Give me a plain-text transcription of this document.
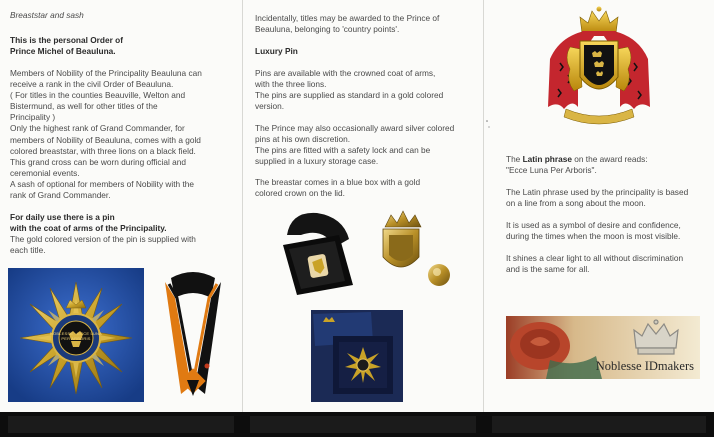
Breaststar and sash

This is the personal Order of

Prince Michel of Beauluna.

Members of Nobility of the Principality Beauluna can
receive a rank in the civil Order of Beauluna.
( For titles in the counties Beauville, Welton and
Bistermund, as well for other titles of the
Principality )
Only the highest rank of Grand Commander, for
members of Nobility of Beauluna, comes with a gold
colored breaststar, with three lions on a black field.
This grand cross can be worn during official and
ceremonial events.
A sash of optional for members of Nobility with the
rank of Grand Commander.

For daily use there is a pin

with the coat of arms of the Principality.

The gold colored version of the pin is supplied with
each title.
NOBLESSE · ECCE LUNA PER ARBORIS
Incidentally, titles may be awarded to the Prince of
Beauluna, belonging to 'country points'.

Luxury Pin

Pins are available with the crowned coat of arms,
with the three lions.
The pins are supplied as standard in a gold colored
version.
The Prince may also occasionally award silver colored
pins at his own discretion.
The pins are fitted with a safety lock and can be
supplied in a luxury storage case.
The breastar comes in a blue box with a gold
colored crown on the lid.
The Latin phrase on the award reads:
"Ecce Luna Per Arboris".
The Latin phrase used by the principality is based
on a line from a song about the moon.
It is used as a symbol of desire and confidence,
during the times when the moon is most visible.
It shines a clear light to all without discrimination
and is the same for all.
Noblesse IDmakers
